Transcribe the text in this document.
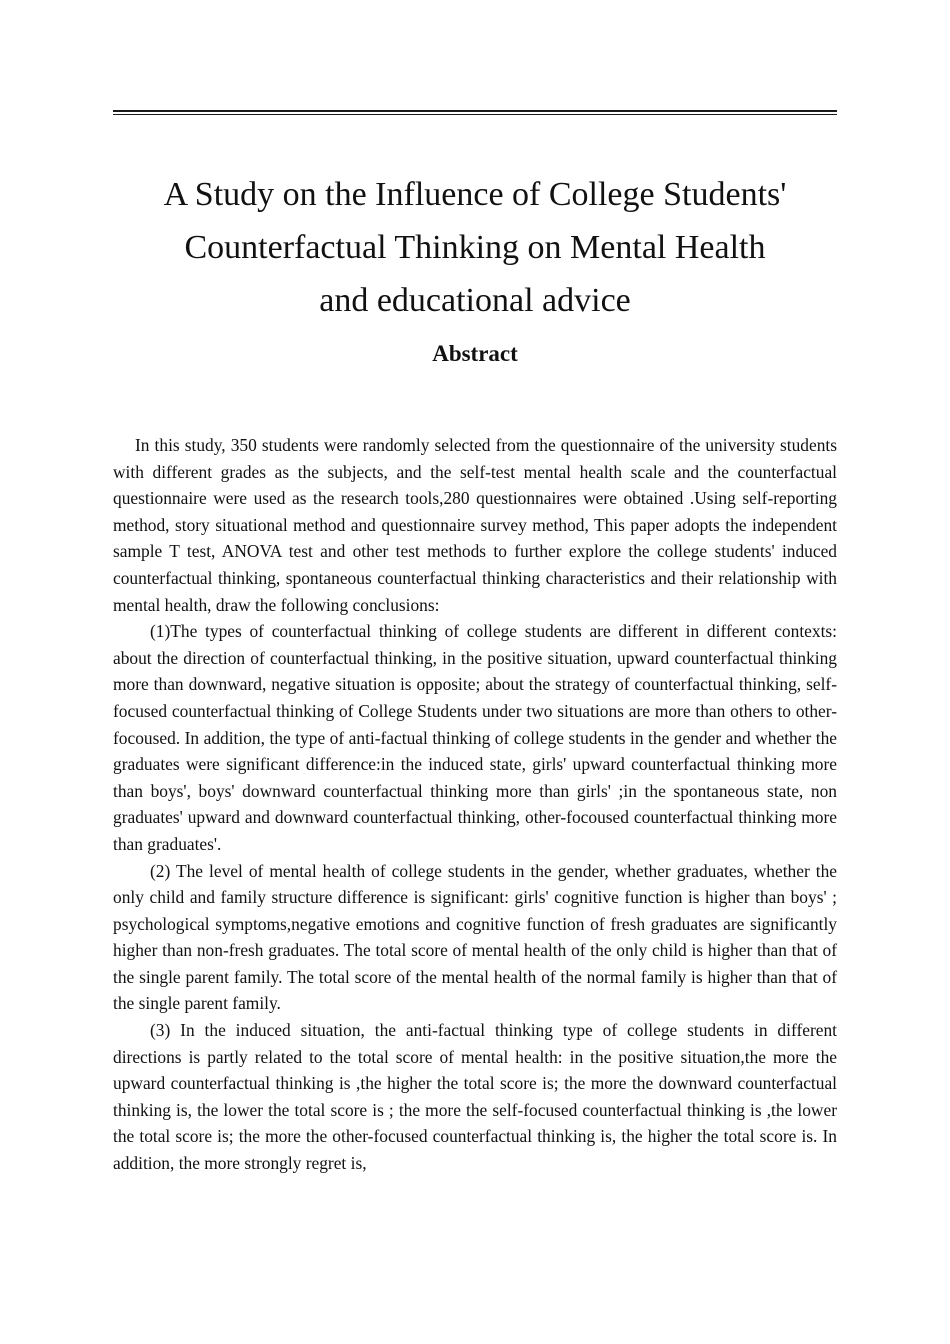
A Study on the Influence of College Students'
Counterfactual Thinking on Mental Health
and educational advice
Abstract

In this study, 350 students were randomly selected from the questionnaire of the university students with different grades as the subjects, and the self-test mental health scale and the counterfactual questionnaire were used as the research tools,280 questionnaires were obtained .Using self-reporting method, story situational method and questionnaire survey method, This paper adopts the independent sample T test, ANOVA test and other test methods to further explore the college students' induced counterfactual thinking, spontaneous counterfactual thinking characteristics and their relationship with mental health, draw the following conclusions:

(1)The types of counterfactual thinking of college students are different in different contexts: about the direction of counterfactual thinking, in the positive situation, upward counterfactual thinking more than downward, negative situation is opposite; about the strategy of counterfactual thinking, self-focused counterfactual thinking of College Students under two situations are more than others to other-focoused. In addition, the type of anti-factual thinking of college students in the gender and whether the graduates were significant difference:in the induced state, girls' upward counterfactual thinking more than boys', boys' downward counterfactual thinking more than girls' ;in the spontaneous state, non graduates' upward and downward counterfactual thinking, other-focoused counterfactual thinking more than graduates'.

(2) The level of mental health of college students in the gender, whether graduates, whether the only child and family structure difference is significant: girls' cognitive function is higher than boys' ; psychological symptoms,negative emotions and cognitive function of fresh graduates are significantly higher than non-fresh graduates. The total score of mental health of the only child is higher than that of the single parent family. The total score of the mental health of the normal family is higher than that of the single parent family.

(3) In the induced situation, the anti-factual thinking type of college students in different directions is partly related to the total score of mental health: in the positive situation,the more the upward counterfactual thinking is ,the higher the total score is; the more the downward counterfactual thinking is, the lower the total score is ; the more the self-focused counterfactual thinking is ,the lower the total score is; the more the other-focused counterfactual thinking is, the higher the total score is. In addition, the more strongly regret is,
